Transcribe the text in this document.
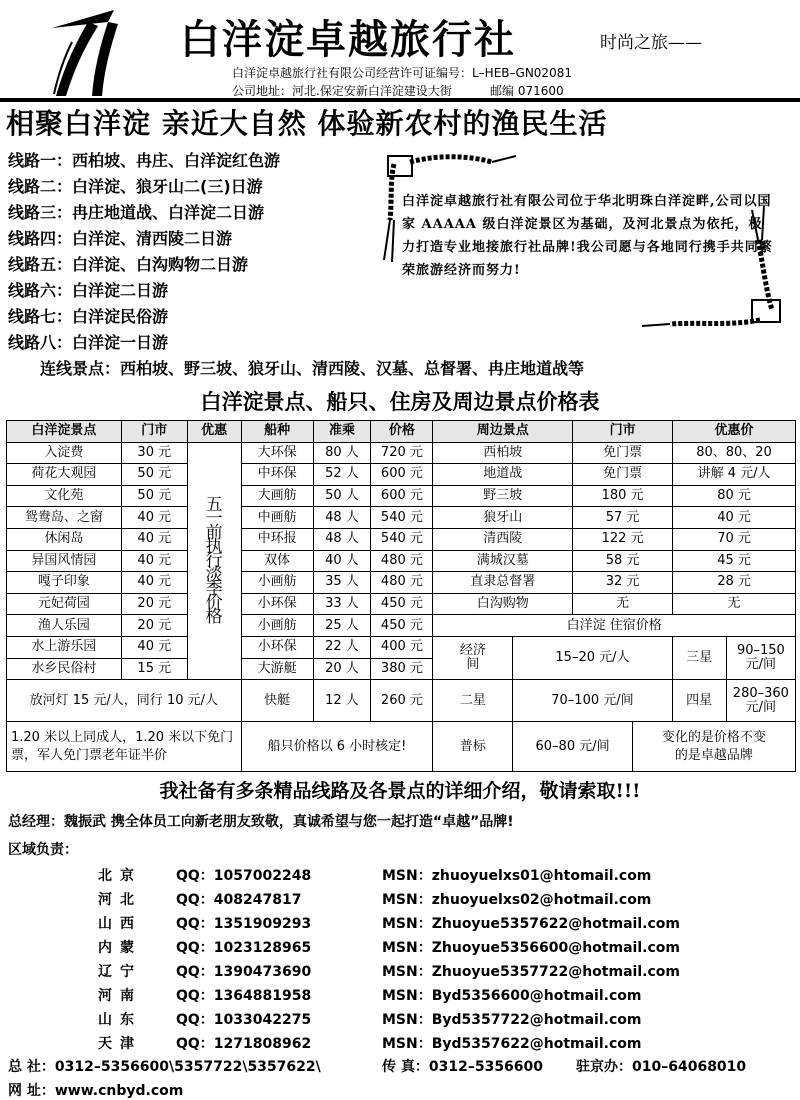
白洋淀卓越旅行社	时尚之旅——
白洋淀卓越旅行社有限公司经营许可证编号：L–HEB–GN02081
公司地址：河北.保定安新白洋淀建设大街	邮编 071600
相聚白洋淀 亲近大自然 体验新农村的渔民生活
线路一：西柏坡、冉庄、白洋淀红色游
线路二：白洋淀、狼牙山二(三)日游
线路三：冉庄地道战、白洋淀二日游
线路四：白洋淀、清西陵二日游
线路五：白洋淀、白沟购物二日游
线路六：白洋淀二日游
线路七：白洋淀民俗游
线路八：白洋淀一日游
白洋淀卓越旅行社有限公司位于华北明珠白洋淀畔,公司以国家 AAAAA 级白洋淀景区为基础，及河北景点为依托，极力打造专业地接旅行社品牌!我公司愿与各地同行携手共同繁荣旅游经济而努力!
连线景点：西柏坡、野三坡、狼牙山、清西陵、汉墓、总督署、冉庄地道战等
白洋淀景点、船只、住房及周边景点价格表
白洋淀景点	门市	优惠	船种	准乘	价格	周边景点	门市	优惠价
入淀费	30 元	五一前执行淡季价格	大环保	80 人	720 元	西柏坡	免门票	80、80、20
荷花大观园	50 元	中环保	52 人	600 元	地道战	免门票	讲解 4 元/人
文化苑	50 元	大画舫	50 人	600 元	野三坡	180 元	80 元
鸳鸯岛、之窗	40 元	中画舫	48 人	540 元	狼牙山	57 元	40 元
休闲岛	40 元	中环报	48 人	540 元	清西陵	122 元	70 元
异国风情园	40 元	双体	40 人	480 元	满城汉墓	58 元	45 元
嘎子印象	40 元	小画舫	35 人	480 元	直隶总督署	32 元	28 元
元妃荷园	20 元	小环保	33 人	450 元	白沟购物	无	无
渔人乐园	20 元	小画舫	25 人	450 元	白洋淀 住宿价格
水上游乐园	40 元	小环保	22 人	400 元		经济间	15–20 元/人	三星	90–150 元/间

水乡民俗村	15 元	大游艇	20 人	380 元
放河灯 15 元/人，同行 10 元/人	快艇	12 人	260 元		二星	70–100 元/间	四星	280–360 元/间

1.20 米以上同成人，1.20 米以下免门票，军人免门票老年证半价	船只价格以 6 小时核定!		普标	60–80 元/间	变化的是价格不变的是卓越品牌
我社备有多条精品线路及各景点的详细介绍，敬请索取!!!
总经理：魏振武 携全体员工向新老朋友致敬，真诚希望与您一起打造“卓越”品牌!
区域负责：
北京 QQ：1057002248	MSN：zhuoyuelxs01@htomail.com
河北 QQ：408247817	MSN：zhuoyuelxs02@hotmail.com
山西 QQ：1351909293	MSN：Zhuoyue5357622@hotmail.com
内蒙 QQ：1023128965	MSN：Zhuoyue5356600@hotmail.com
辽宁 QQ：1390473690	MSN：Zhuoyue5357722@hotmail.com
河南 QQ：1364881958	MSN：Byd5356600@hotmail.com
山东 QQ：1033042275	MSN：Byd5357722@hotmail.com
天津 QQ：1271808962	MSN：Byd5357622@hotmail.com
总 社：0312–5356600\5357722\5357622\	传 真：0312–5356600 驻京办：010–64068010
网 址：www.cnbyd.com
